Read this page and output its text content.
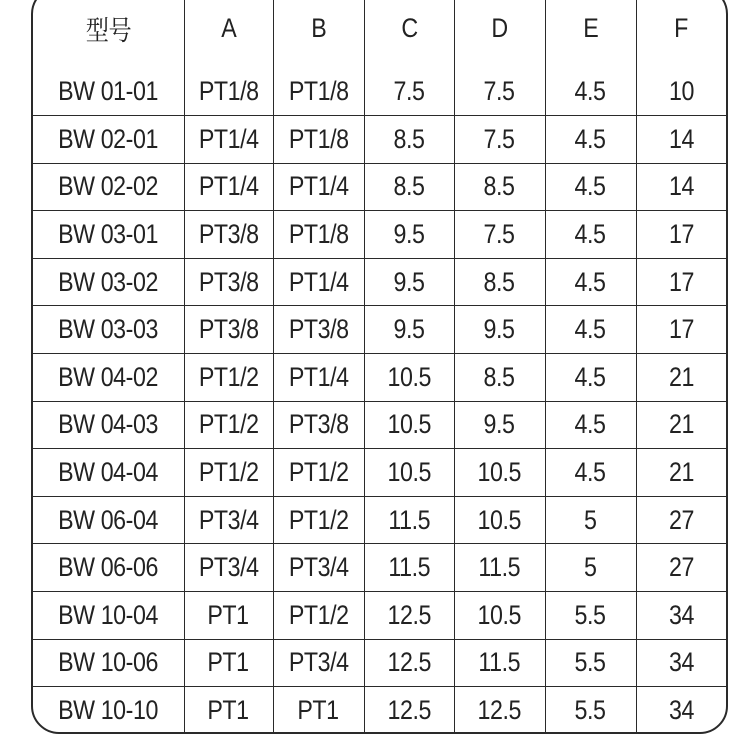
型号	A	B	C	D	E	F
BW 01-01	PT1/8	PT1/8	7.5	7.5	4.5	10
BW 02-01	PT1/4	PT1/8	8.5	7.5	4.5	14
BW 02-02	PT1/4	PT1/4	8.5	8.5	4.5	14
BW 03-01	PT3/8	PT1/8	9.5	7.5	4.5	17
BW 03-02	PT3/8	PT1/4	9.5	8.5	4.5	17
BW 03-03	PT3/8	PT3/8	9.5	9.5	4.5	17
BW 04-02	PT1/2	PT1/4	10.5	8.5	4.5	21
BW 04-03	PT1/2	PT3/8	10.5	9.5	4.5	21
BW 04-04	PT1/2	PT1/2	10.5	10.5	4.5	21
BW 06-04	PT3/4	PT1/2	11.5	10.5	5	27
BW 06-06	PT3/4	PT3/4	11.5	11.5	5	27
BW 10-04	PT1	PT1/2	12.5	10.5	5.5	34
BW 10-06	PT1	PT3/4	12.5	11.5	5.5	34
BW 10-10	PT1	PT1	12.5	12.5	5.5	34
